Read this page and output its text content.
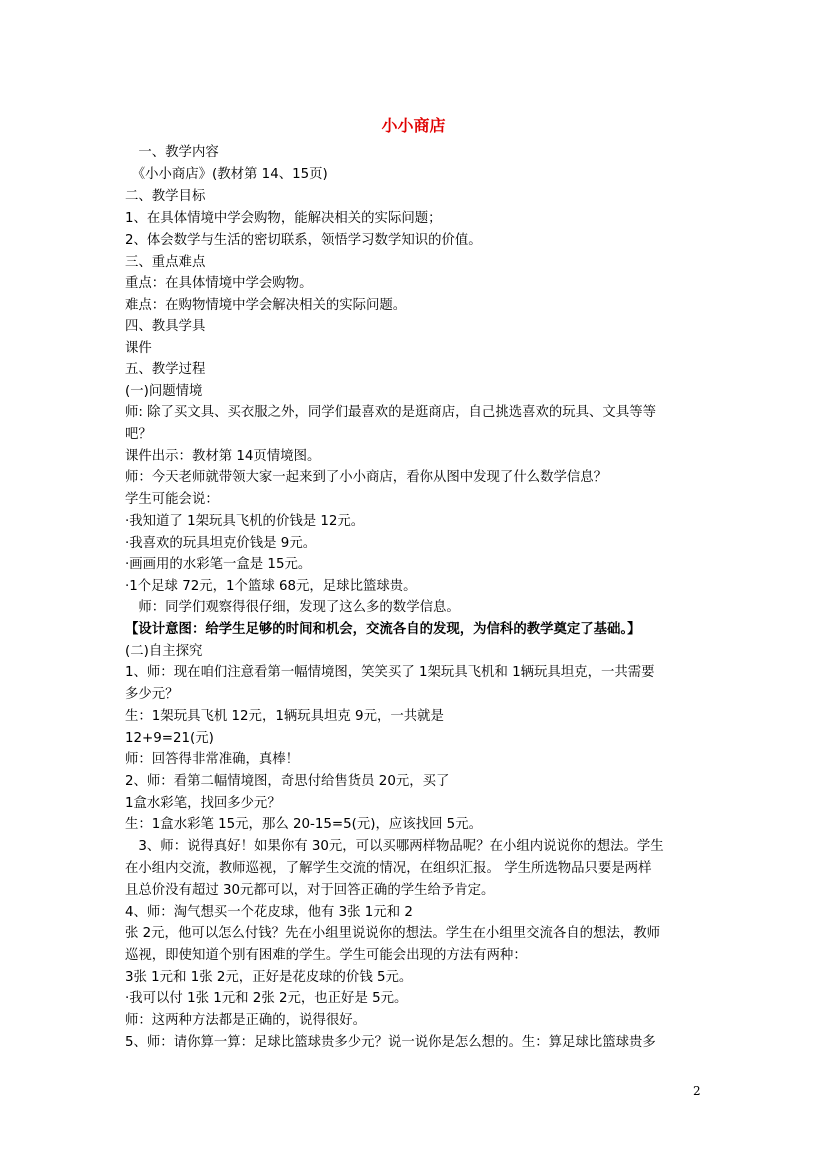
小小商店
　一、教学内容
　《小小商店》(教材第 14、15页)
二、教学目标
1、在具体情境中学会购物，能解决相关的实际问题；
2、体会数学与生活的密切联系，领悟学习数学知识的价值。
三、重点难点
重点：在具体情境中学会购物。
难点：在购物情境中学会解决相关的实际问题。
四、教具学具
课件
五、教学过程
(一)问题情境
师: 除了买文具、买衣服之外，同学们最喜欢的是逛商店，自己挑选喜欢的玩具、文具等等
吧？
课件出示：教材第 14页情境图。
师：今天老师就带领大家一起来到了小小商店，看你从图中发现了什么数学信息？
学生可能会说：
·我知道了 1架玩具飞机的价钱是 12元。
·我喜欢的玩具坦克价钱是 9元。
·画画用的水彩笔一盒是 15元。
·1个足球 72元，1个篮球 68元，足球比篮球贵。
　师：同学们观察得很仔细，发现了这么多的数学信息。
【设计意图：给学生足够的时间和机会，交流各自的发现，为信科的教学奠定了基础。】
(二)自主探究
1、师：现在咱们注意看第一幅情境图，笑笑买了 1架玩具飞机和 1辆玩具坦克，一共需要
多少元？
生：1架玩具飞机 12元，1辆玩具坦克 9元，一共就是
12+9=21(元)
师：回答得非常准确，真棒！
2、师：看第二幅情境图，奇思付给售货员 20元，买了
1盒水彩笔，找回多少元？
生：1盒水彩笔 15元，那么 20-15=5(元)，应该找回 5元。
　3、师：说得真好！如果你有 30元，可以买哪两样物品呢？在小组内说说你的想法。学生
在小组内交流，教师巡视，了解学生交流的情况，在组织汇报。 学生所选物品只要是两样
且总价没有超过 30元都可以，对于回答正确的学生给予肯定。
4、师：淘气想买一个花皮球，他有 3张 1元和 2
张 2元，他可以怎么付钱？先在小组里说说你的想法。学生在小组里交流各自的想法，教师
巡视，即使知道个别有困难的学生。学生可能会出现的方法有两种：
3张 1元和 1张 2元，正好是花皮球的价钱 5元。
·我可以付 1张 1元和 2张 2元，也正好是 5元。
师：这两种方法都是正确的，说得很好。
5、师：请你算一算：足球比篮球贵多少元？说一说你是怎么想的。生：算足球比篮球贵多
2
